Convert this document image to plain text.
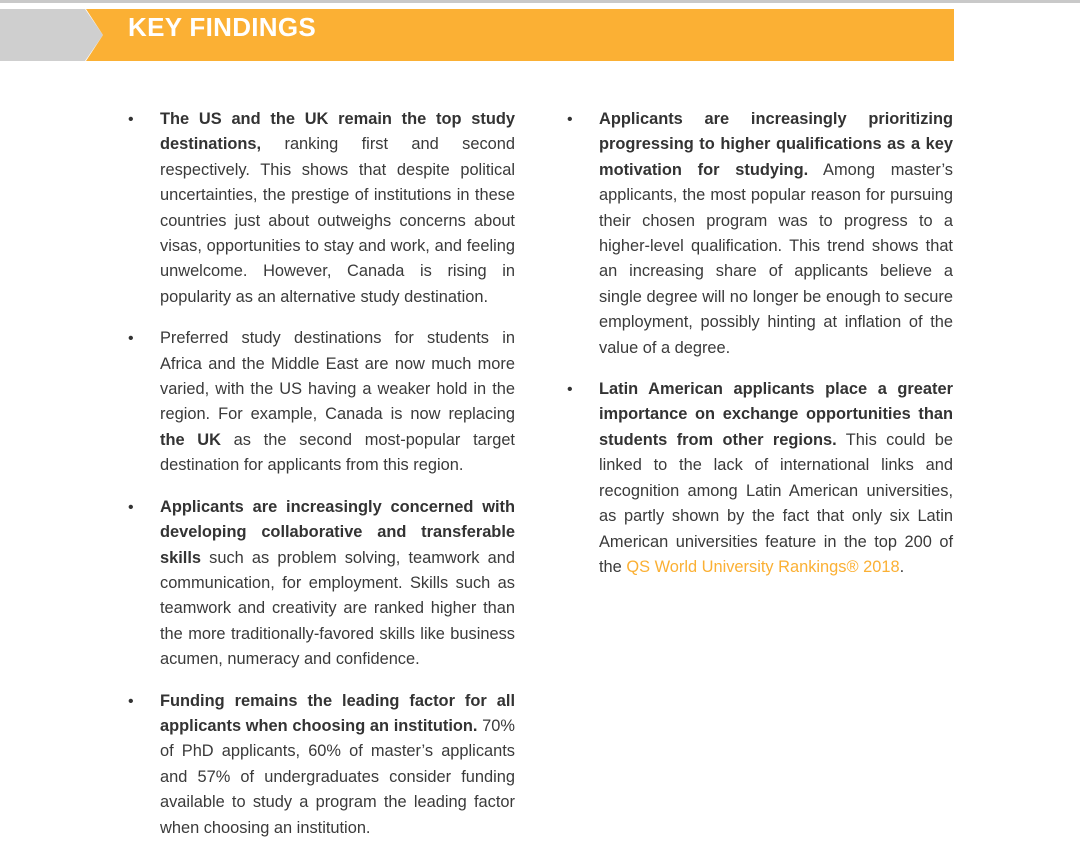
KEY FINDINGS
• The US and the UK remain the top study destinations, ranking first and second respectively. This shows that despite political uncertainties, the prestige of institutions in these countries just about outweighs concerns about visas, opportunities to stay and work, and feeling unwelcome. However, Canada is rising in popularity as an alternative study destination.
• Preferred study destinations for students in Africa and the Middle East are now much more varied, with the US having a weaker hold in the region. For example, Canada is now replacing the UK as the second most-popular target destination for applicants from this region.
• Applicants are increasingly concerned with developing collaborative and transferable skills such as problem solving, teamwork and communication, for employment. Skills such as teamwork and creativity are ranked higher than the more traditionally-favored skills like business acumen, numeracy and confidence.
• Funding remains the leading factor for all applicants when choosing an institution. 70% of PhD applicants, 60% of master’s applicants and 57% of undergraduates consider funding available to study a program the leading factor when choosing an institution.
• Applicants are increasingly prioritizing progressing to higher qualifications as a key motivation for studying. Among master’s applicants, the most popular reason for pursuing their chosen program was to progress to a higher-level qualification. This trend shows that an increasing share of applicants believe a single degree will no longer be enough to secure employment, possibly hinting at inflation of the value of a degree.
• Latin American applicants place a greater importance on exchange opportunities than students from other regions. This could be linked to the lack of international links and recognition among Latin American universities, as partly shown by the fact that only six Latin American universities feature in the top 200 of the QS World University Rankings® 2018.
